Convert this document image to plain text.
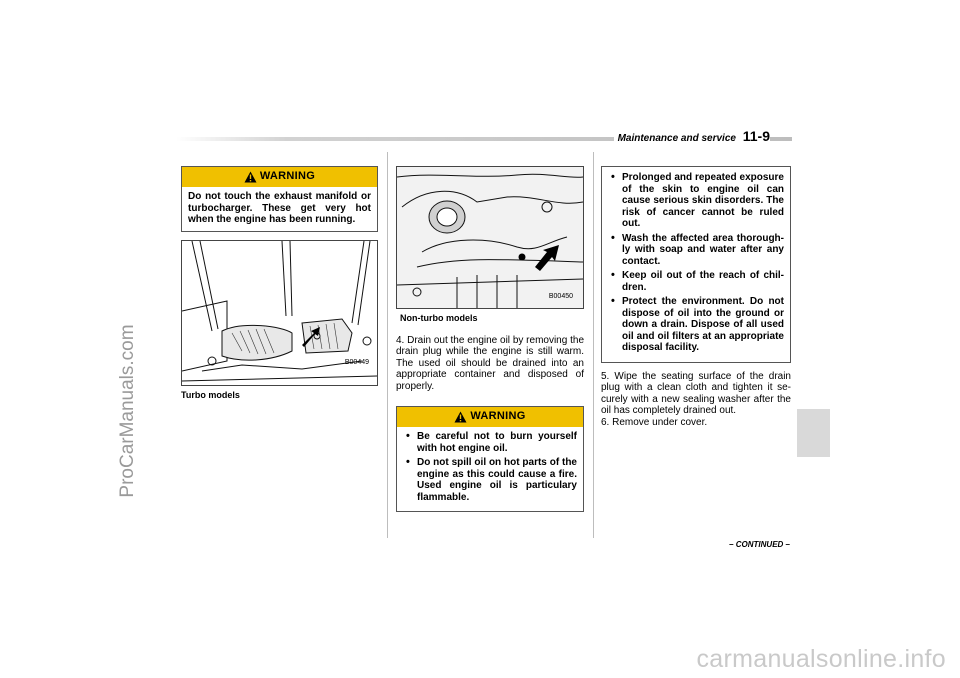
ProCarManuals.com
carmanualsonline.info
Maintenance and service 11-9
WARNING
Do not touch the exhaust manifold or turbocharger. These get very hot when the engine has been running.
B00449
Turbo models
B00450
Non-turbo models

4. Drain out the engine oil by removing the drain plug while the engine is still warm. The used oil should be drained into an appropriate container and disposed of properly.

WARNING
• Be careful not to burn yourself with hot engine oil.
• Do not spill oil on hot parts of the engine as this could cause a fire. Used engine oil is particulary flammable.
• Prolonged and repeated exposure of the skin to engine oil can cause serious skin disorders. The risk of cancer cannot be ruled out.
• Wash the affected area thorough-ly with soap and water after any contact.
• Keep oil out of the reach of chil-dren.
• Protect the environment. Do not dispose of oil into the ground or down a drain. Dispose of all used oil and oil filters at an appropriate disposal facility.

5. Wipe the seating surface of the drain plug with a clean cloth and tighten it se-curely with a new sealing washer after the oil has completely drained out.

6. Remove under cover.

– CONTINUED –
